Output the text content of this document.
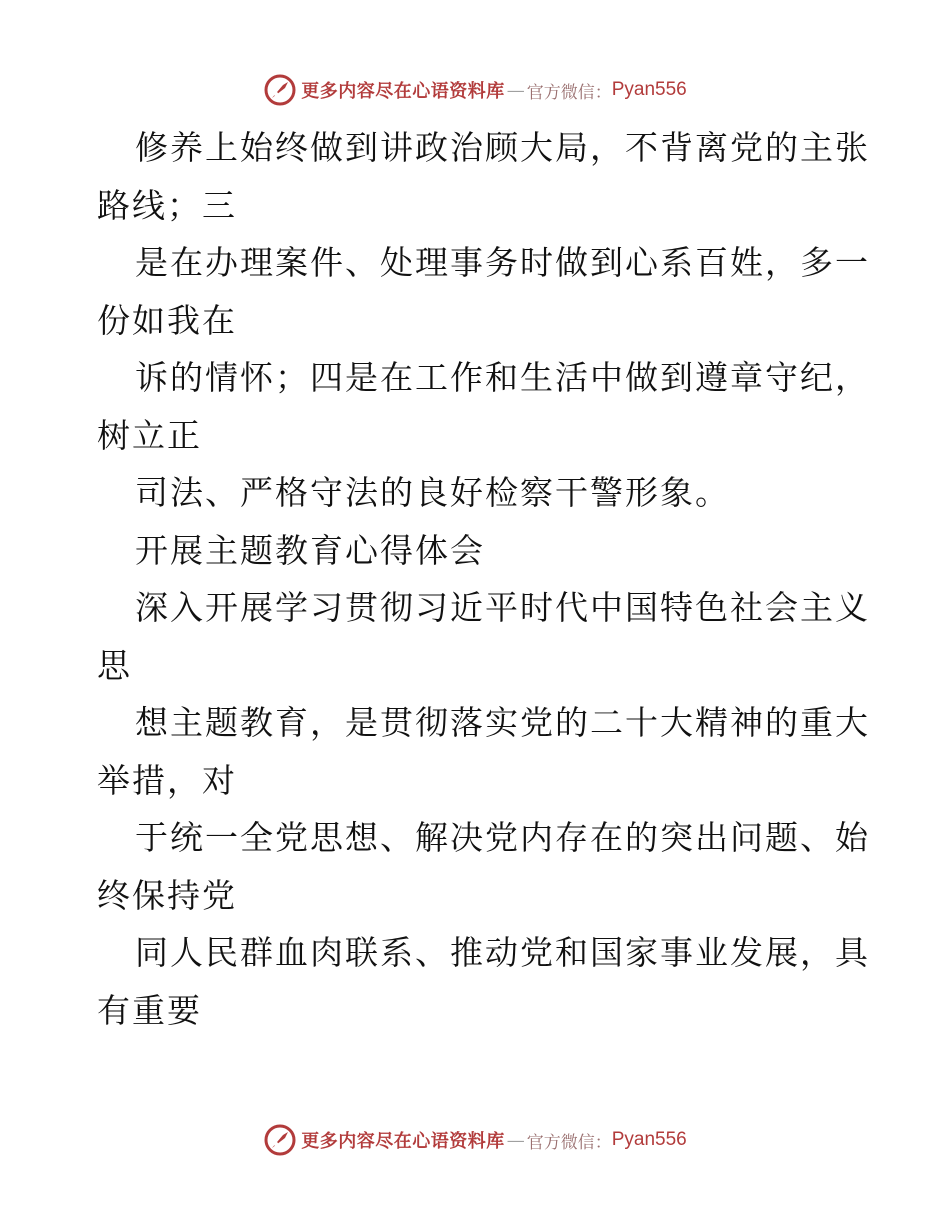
更多内容尽在心语资料库 — 官方微信： Pyan556
修养上始终做到讲政治顾大局，不背离党的主张
路线；三
是在办理案件、处理事务时做到心系百姓，多一
份如我在
诉的情怀；四是在工作和生活中做到遵章守纪，
树立正
司法、严格守法的良好检察干警形象。
开展主题教育心得体会
深入开展学习贯彻习近平时代中国特色社会主义
思
想主题教育，是贯彻落实党的二十大精神的重大
举措，对
于统一全党思想、解决党内存在的突出问题、始
终保持党
同人民群血肉联系、推动党和国家事业发展，具
有重要
更多内容尽在心语资料库 — 官方微信： Pyan556
